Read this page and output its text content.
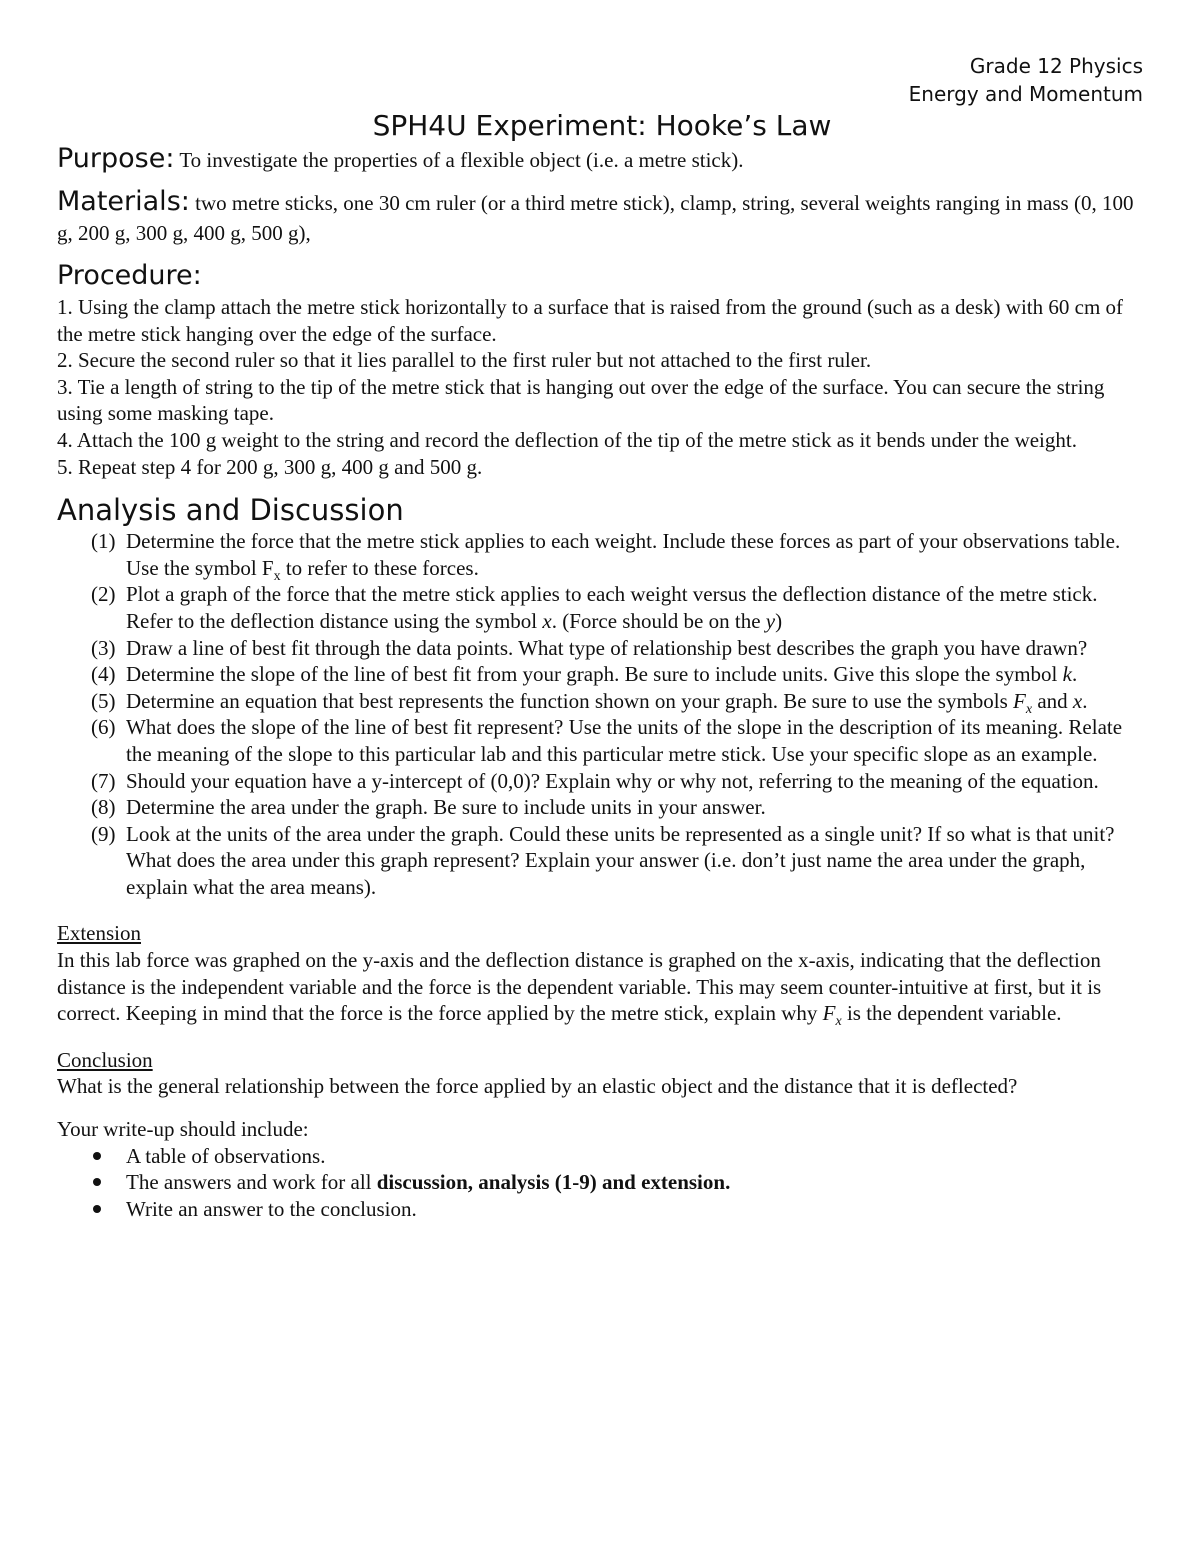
Grade 12 Physics
Energy and Momentum
SPH4U Experiment: Hooke’s Law

Purpose: To investigate the properties of a flexible object (i.e. a metre stick).

Materials: two metre sticks, one 30 cm ruler (or a third metre stick), clamp, string, several weights ranging in mass (0, 100 g, 200 g, 300 g, 400 g, 500 g),

Procedure:

1. Using the clamp attach the metre stick horizontally to a surface that is raised from the ground (such as a desk) with 60 cm of the metre stick hanging over the edge of the surface.

2. Secure the second ruler so that it lies parallel to the first ruler but not attached to the first ruler.

3. Tie a length of string to the tip of the metre stick that is hanging out over the edge of the surface. You can secure the string using some masking tape.

4. Attach the 100 g weight to the string and record the deflection of the tip of the metre stick as it bends under the weight.

5. Repeat step 4 for 200 g, 300 g, 400 g and 500 g.

Analysis and Discussion
(1) Determine the force that the metre stick applies to each weight. Include these forces as part of your observations table. Use the symbol $F_x$ to refer to these forces.
(2) Plot a graph of the force that the metre stick applies to each weight versus the deflection distance of the metre stick. Refer to the deflection distance using the symbol x. (Force should be on the y)
(3) Draw a line of best fit through the data points. What type of relationship best describes the graph you have drawn?
(4) Determine the slope of the line of best fit from your graph. Be sure to include units. Give this slope the symbol k.
(5) Determine an equation that best represents the function shown on your graph. Be sure to use the symbols $F_x$ and x.
(6) What does the slope of the line of best fit represent? Use the units of the slope in the description of its meaning. Relate the meaning of the slope to this particular lab and this particular metre stick. Use your specific slope as an example.
(7) Should your equation have a y-intercept of (0,0)? Explain why or why not, referring to the meaning of the equation.
(8) Determine the area under the graph. Be sure to include units in your answer.
(9) Look at the units of the area under the graph. Could these units be represented as a single unit? If so what is that unit? What does the area under this graph represent? Explain your answer (i.e. don’t just name the area under the graph, explain what the area means).
Extension

In this lab force was graphed on the y-axis and the deflection distance is graphed on the x-axis, indicating that the deflection distance is the independent variable and the force is the dependent variable. This may seem counter-intuitive at first, but it is correct. Keeping in mind that the force is the force applied by the metre stick, explain why $F_x$ is the dependent variable.

Conclusion

What is the general relationship between the force applied by an elastic object and the distance that it is deflected?

Your write-up should include:

A table of observations.
The answers and work for all discussion, analysis (1-9) and extension.
Write an answer to the conclusion.
